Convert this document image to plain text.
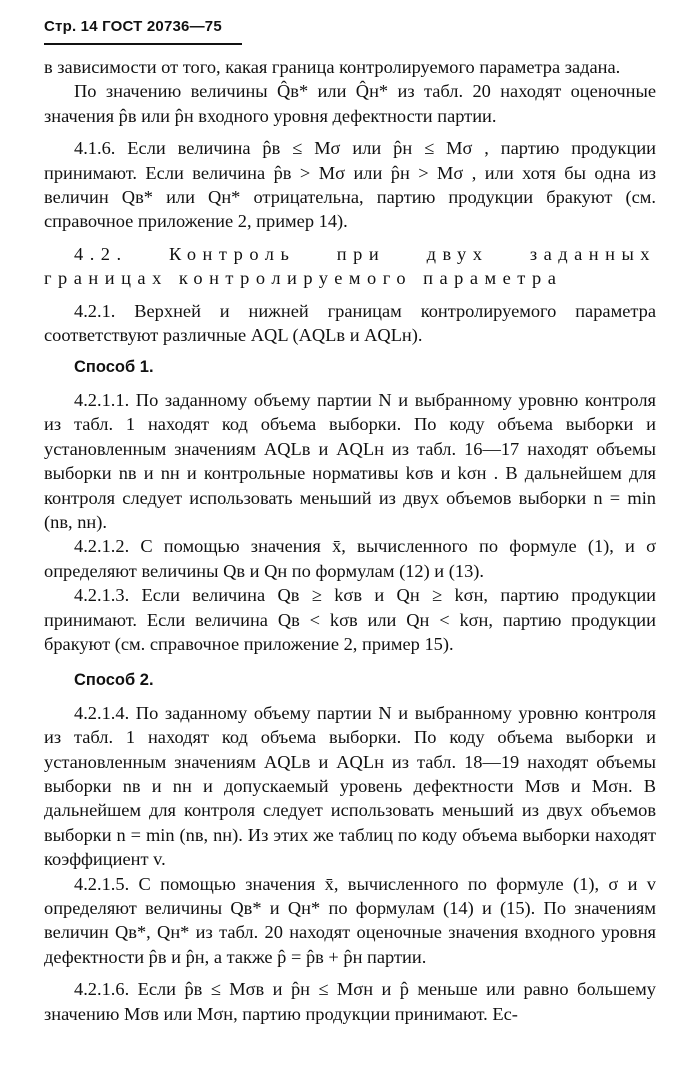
Стр. 14 ГОСТ 20736—75

в зависимости от того, какая граница контролируемого параметра задана.

По значению величины Q̂в* или Q̂н* из табл. 20 находят оценочные значения p̂в или p̂н входного уровня дефектности партии.

4.1.6. Если величина p̂в ≤ Mσ или p̂н ≤ Mσ , партию продукции принимают. Если величина p̂в > Mσ или p̂н > Mσ , или хотя бы одна из величин Qв* или Qн* отрицательна, партию продукции бракуют (см. справочное приложение 2, пример 14).

4.2. Контроль при двух заданных границах контролируемого параметра

4.2.1. Верхней и нижней границам контролируемого параметра соответствуют различные AQL (AQLв и AQLн).

Способ 1.

4.2.1.1. По заданному объему партии N и выбранному уровню контроля из табл. 1 находят код объема выборки. По коду объема выборки и установленным значениям AQLв и AQLн из табл. 16—17 находят объемы выборки nв и nн и контрольные нормативы kσв и kσн . В дальнейшем для контроля следует использовать меньший из двух объемов выборки n = min (nв, nн).

4.2.1.2. С помощью значения x̄, вычисленного по формуле (1), и σ определяют величины Qв и Qн по формулам (12) и (13).

4.2.1.3. Если величина Qв ≥ kσв и Qн ≥ kσн, партию продукции принимают. Если величина Qв < kσв или Qн < kσн, партию продукции бракуют (см. справочное приложение 2, пример 15).

Способ 2.

4.2.1.4. По заданному объему партии N и выбранному уровню контроля из табл. 1 находят код объема выборки. По коду объема выборки и установленным значениям AQLв и AQLн из табл. 18—19 находят объемы выборки nв и nн и допускаемый уровень дефектности Mσв и Mσн. В дальнейшем для контроля следует использовать меньший из двух объемов выборки n = min (nв, nн). Из этих же таблиц по коду объема выборки находят коэффициент v.

4.2.1.5. С помощью значения x̄, вычисленного по формуле (1), σ и v определяют величины Qв* и Qн* по формулам (14) и (15). По значениям величин Qв*, Qн* из табл. 20 находят оценочные значения входного уровня дефектности p̂в и p̂н, а также p̂ = p̂в + p̂н партии.

4.2.1.6. Если p̂в ≤ Mσв и p̂н ≤ Mσн и p̂ меньше или равно большему значению Mσв или Mσн, партию продукции принимают. Ес-
